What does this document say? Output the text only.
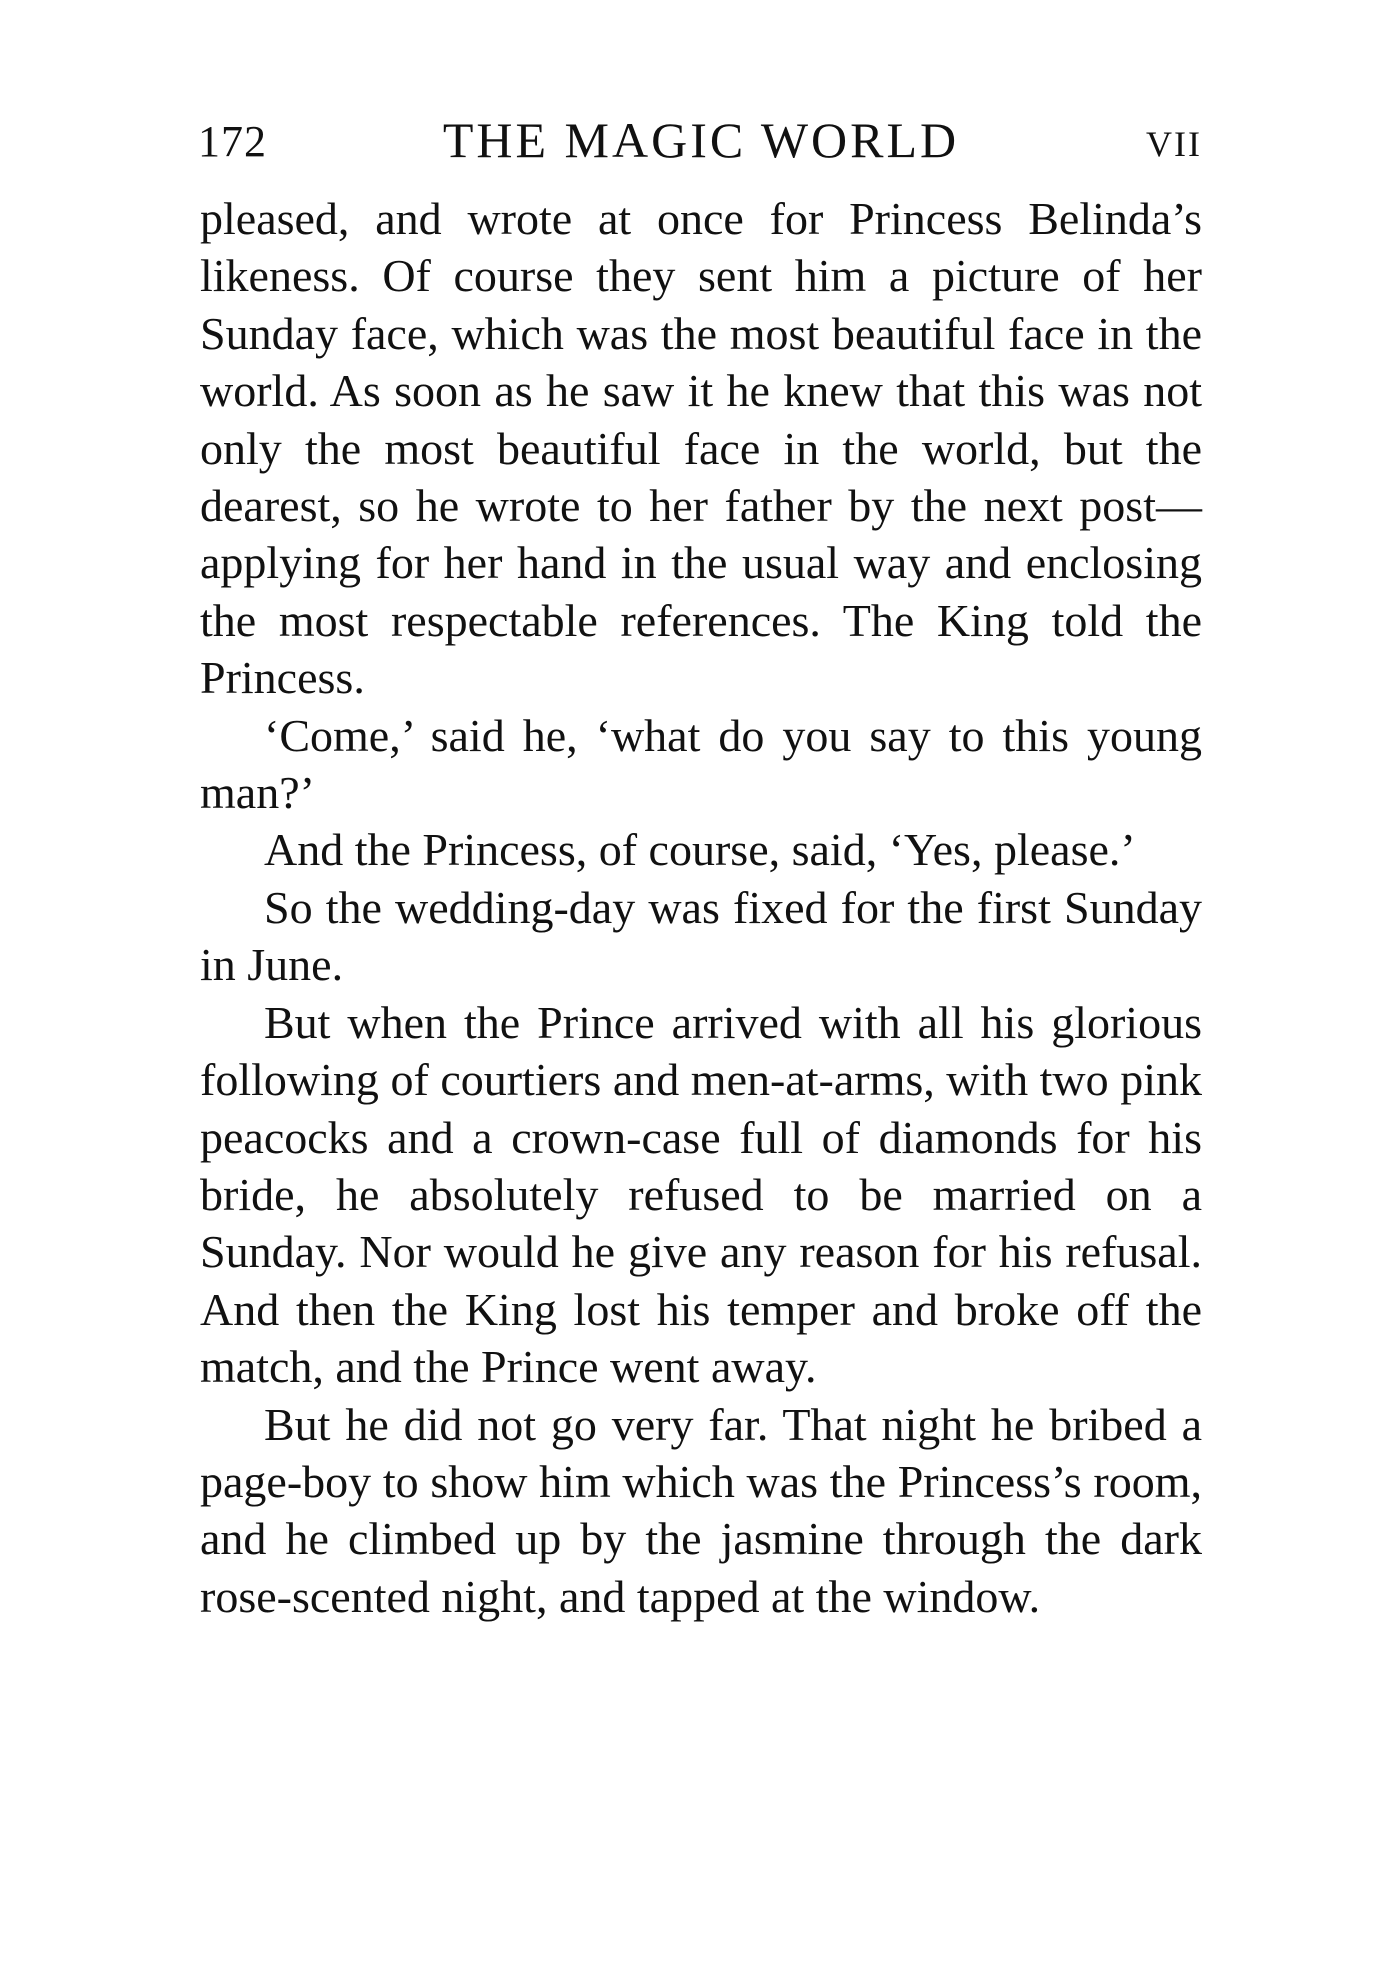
172	THE MAGIC WORLD	VII

pleased, and wrote at once for Princess Belinda’s likeness. Of course they sent him a picture of her Sunday face, which was the most beautiful face in the world. As soon as he saw it he knew that this was not only the most beautiful face in the world, but the dearest, so he wrote to her father by the next post— applying for her hand in the usual way and enclosing the most respectable references. The King told the Princess.

‘Come,’ said he, ‘what do you say to this young man?’

And the Princess, of course, said, ‘Yes, please.’

So the wedding-day was fixed for the first Sunday in June.

But when the Prince arrived with all his glorious following of courtiers and men-at-arms, with two pink peacocks and a crown-case full of diamonds for his bride, he absolutely refused to be married on a Sunday. Nor would he give any reason for his refusal. And then the King lost his temper and broke off the match, and the Prince went away.

But he did not go very far. That night he bribed a page-boy to show him which was the Princess’s room, and he climbed up by the jasmine through the dark rose-scented night, and tapped at the window.
